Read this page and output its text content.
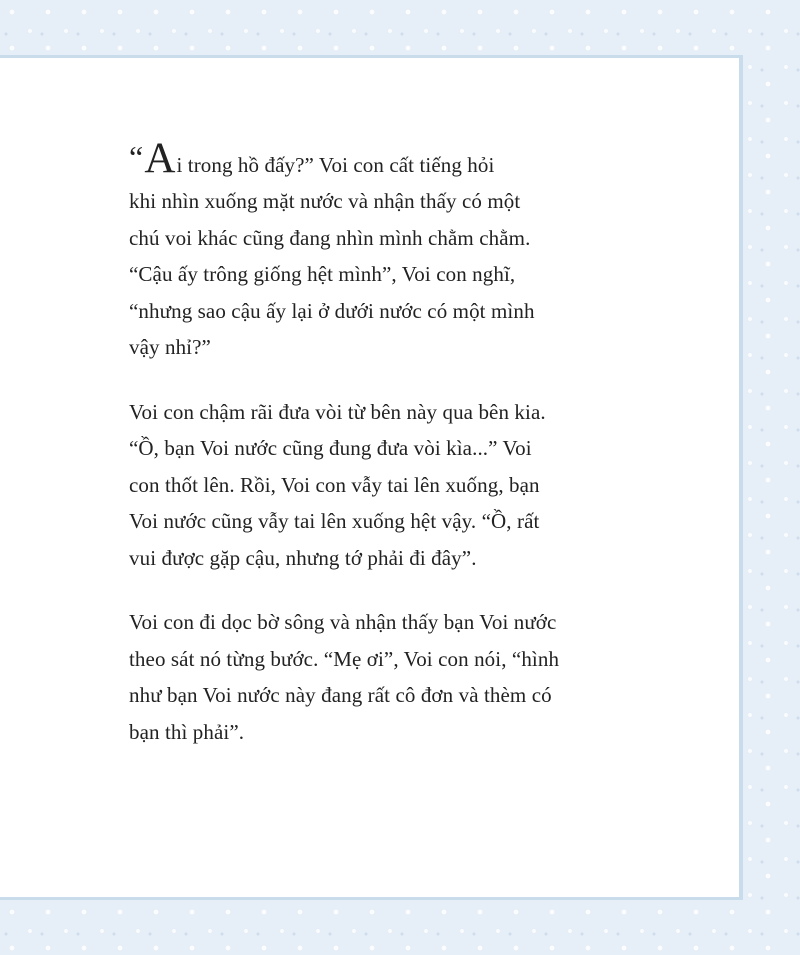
“Ai trong hồ đấy?” Voi con cất tiếng hỏi
khi nhìn xuống mặt nước và nhận thấy có một
chú voi khác cũng đang nhìn mình chằm chằm.
“Cậu ấy trông giống hệt mình”, Voi con nghĩ,
“nhưng sao cậu ấy lại ở dưới nước có một mình
vậy nhỉ?”

Voi con chậm rãi đưa vòi từ bên này qua bên kia.
“Ồ, bạn Voi nước cũng đung đưa vòi kìa...” Voi
con thốt lên. Rồi, Voi con vẫy tai lên xuống, bạn
Voi nước cũng vẫy tai lên xuống hệt vậy. “Ồ, rất
vui được gặp cậu, nhưng tớ phải đi đây”.

Voi con đi dọc bờ sông và nhận thấy bạn Voi nước
theo sát nó từng bước. “Mẹ ơi”, Voi con nói, “hình
như bạn Voi nước này đang rất cô đơn và thèm có
bạn thì phải”.
